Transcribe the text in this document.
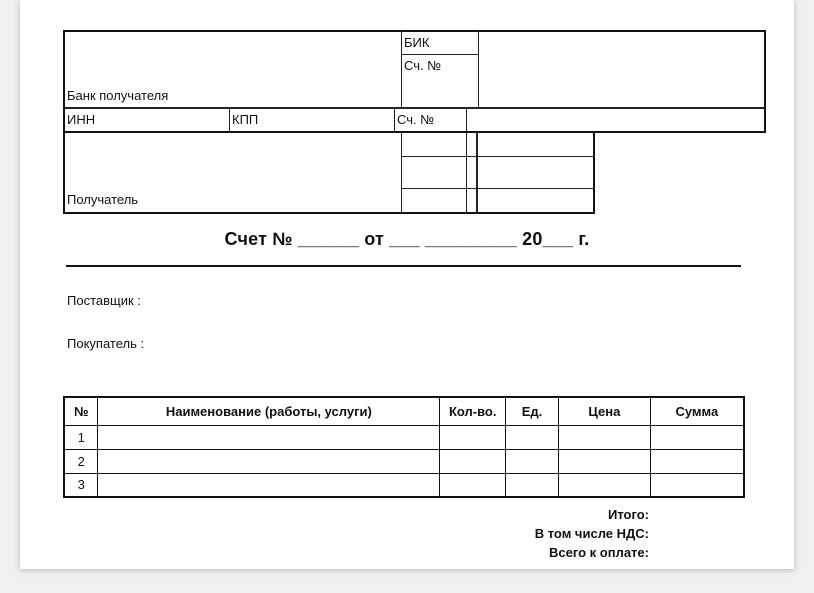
Банк получателя
БИК
Сч. №
ИНН	КПП	Сч. №
Получатель
Счет № ______ от ___ _________ 20___ г.
Поставщик :
Покупатель :
№	Наименование (работы, услуги)	Кол-во.	Ед.	Цена	Сумма
1					
2					
3					
Итого:
В том числе НДС:
Всего к оплате:
